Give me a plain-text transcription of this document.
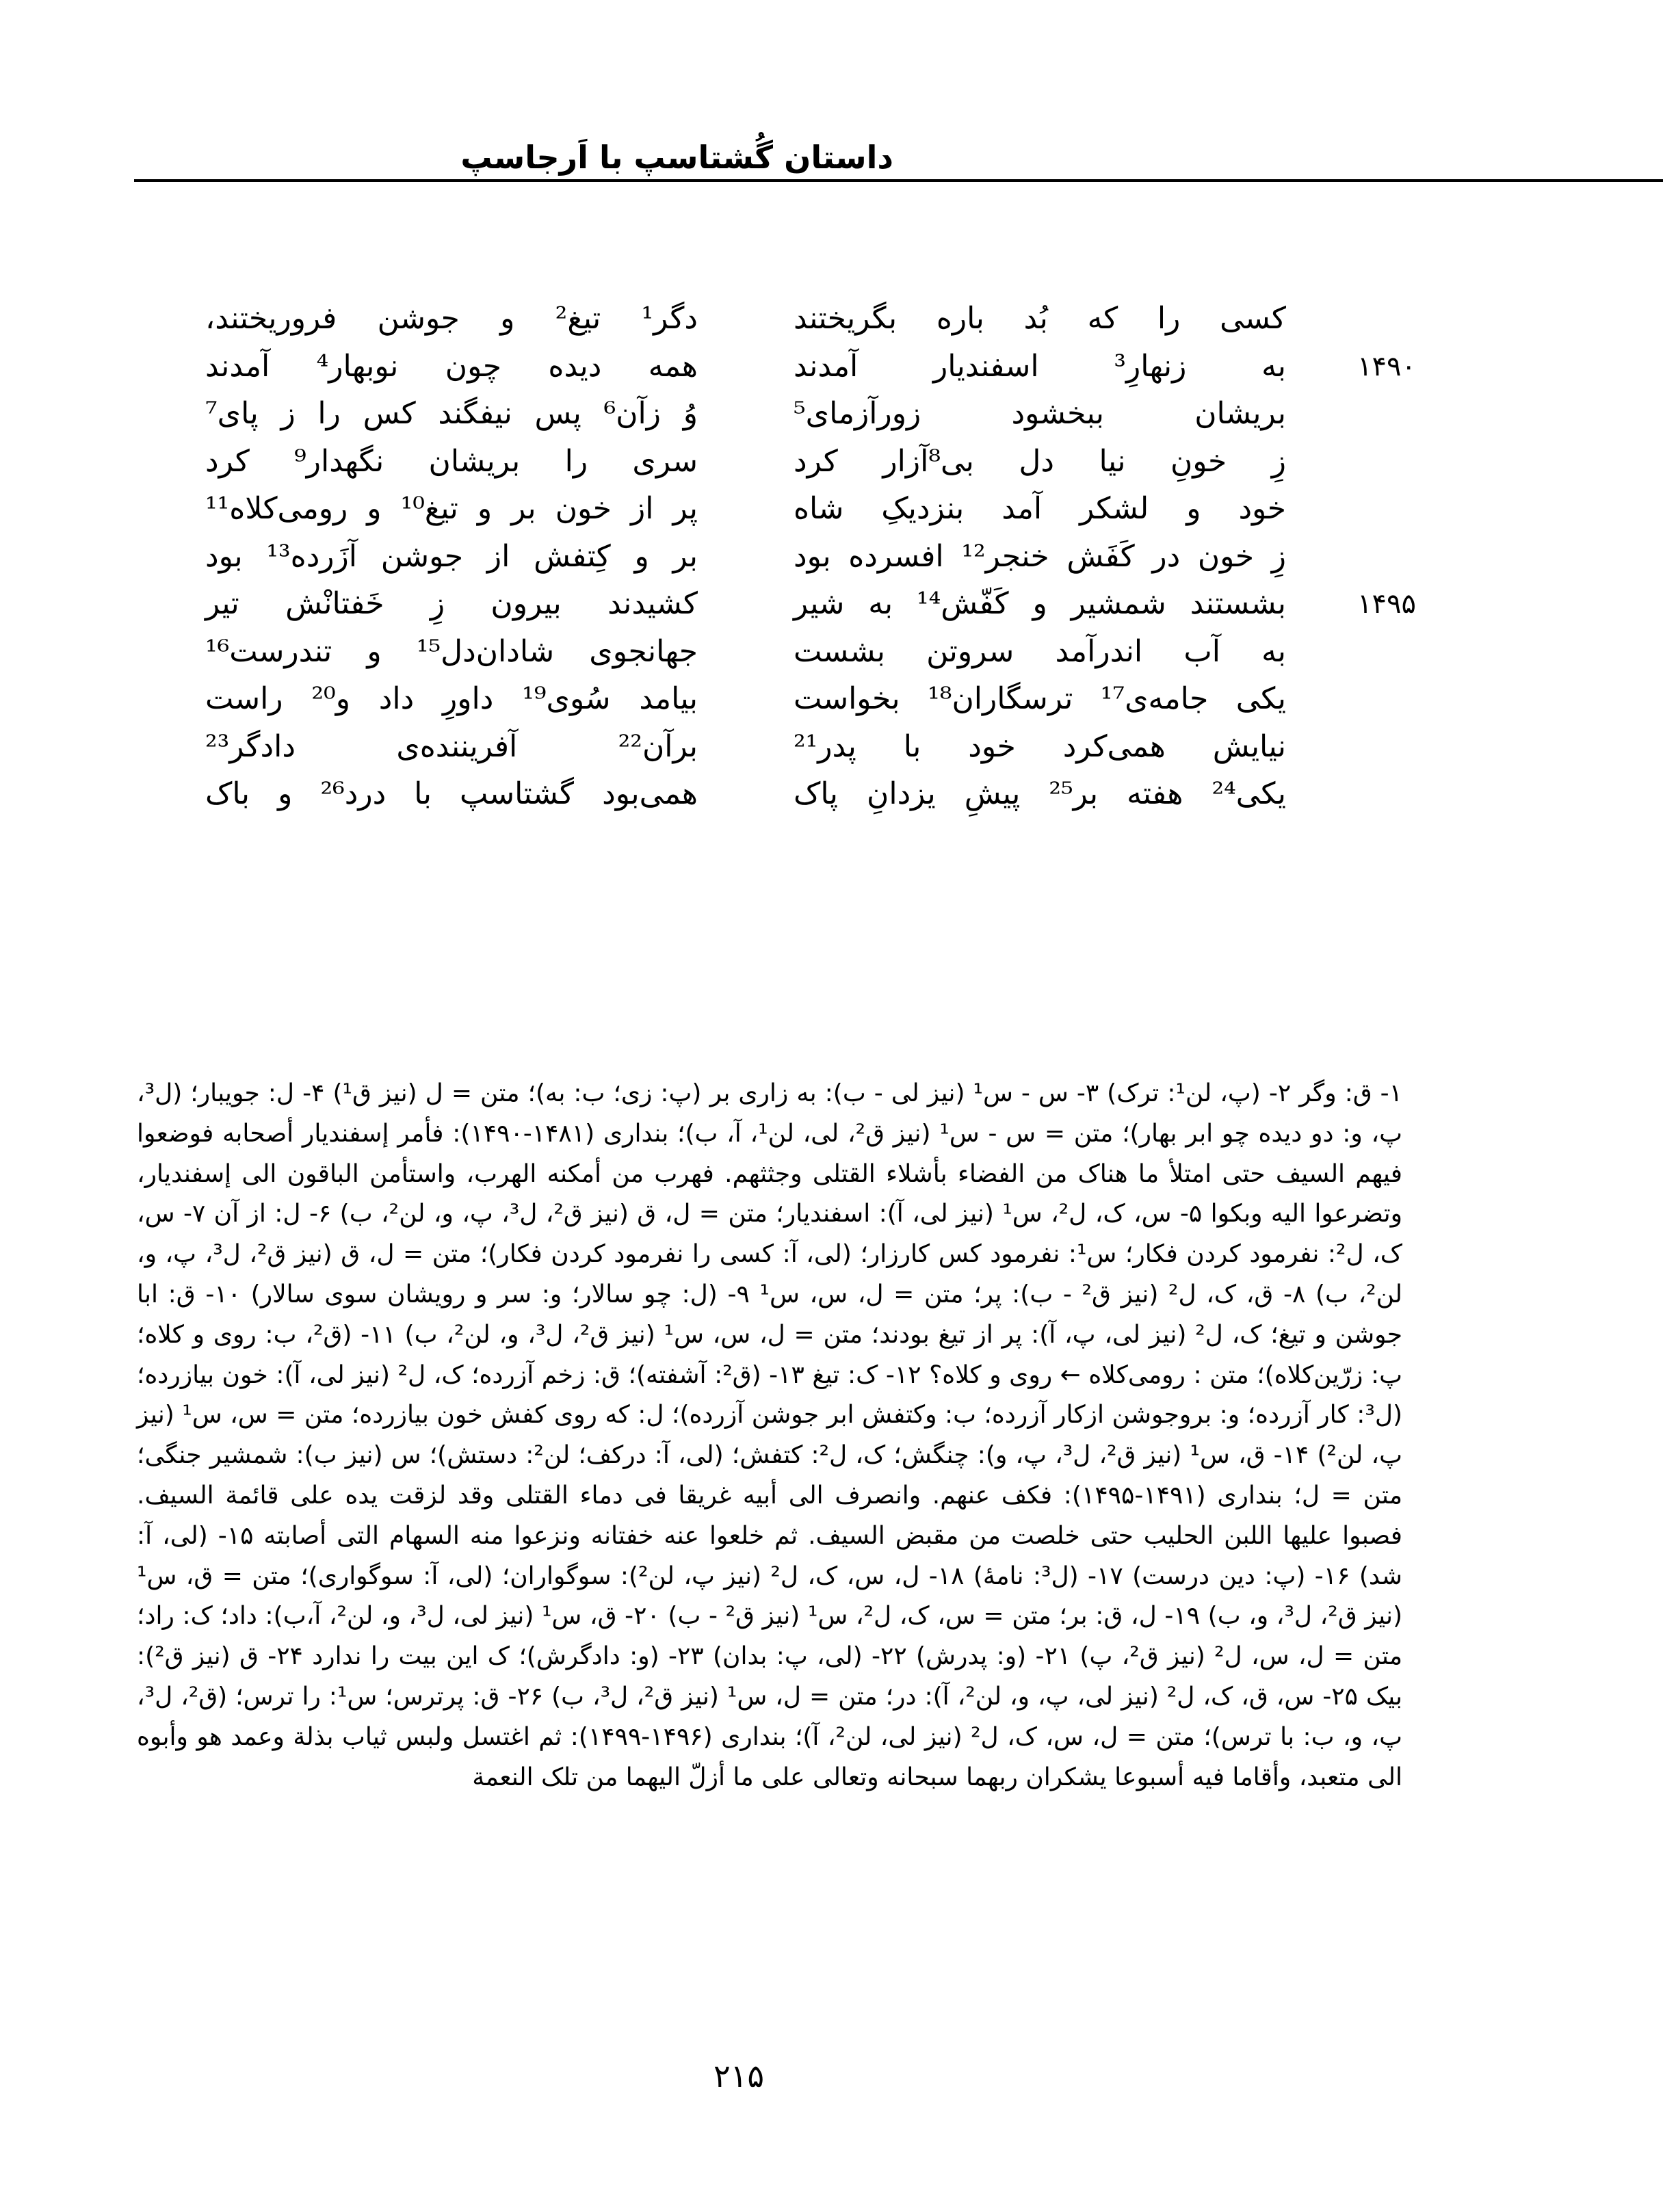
داستان گُشتاسپ با اَرجاسپ
کسی را که بُد باره بگریختند
دگر¹ تیغ² و جوشن فروریختند،
۱۴۹۰
به زنهارِ³ اسفندیار آمدند
همه دیده چون نوبهار⁴ آمدند
بریشان ببخشود زورآزمای⁵
وُ زآن⁶ پس نیفگند کس را ز پای⁷
زِ خونِ نیا دل بی⁸آزار کرد
سری را بریشان نگهدار⁹ کرد
خود و لشکر آمد بنزدیکِ شاه
پر از خون بر و تیغ¹⁰ و رومی‌کلاه¹¹
زِ خون در کَفَش خنجر¹² افسرده بود
بر و کِتفش از جوشن آزَرده¹³ بود
۱۴۹۵
بشستند شمشیر و کَفّش¹⁴ به شیر
کشیدند بیرون زِ خَفتانْش تیر
به آب اندرآمد سروتن بشست
جهانجوی شادان‌دل¹⁵ و تندرست¹⁶
یکی جامه‌ی¹⁷ ترسگاران¹⁸ بخواست
بیامد سُوی¹⁹ داورِ داد و²⁰ راست
نیایش همی‌کرد خود با پدر²¹
برآن²² آفریننده‌ی دادگر²³
یکی²⁴ هفته بر²⁵ پیشِ یزدانِ پاک
همی‌بود گشتاسپ با درد²⁶ و باک

۱- ق: وگر ۲- (پ، لن¹: ترک) ۳- س - س¹ (نیز لی - ب): به زاری بر (پ: زی؛ ب: به)؛ متن = ل (نیز ق¹) ۴- ل: جویبار؛ (ل³،

پ، و: دو دیده چو ابر بهار)؛ متن = س - س¹ (نیز ق²، لی، لن¹، آ، ب)؛ بنداری (۱۴۸۱-۱۴۹۰): فأمر إسفندیار أصحابه فوضعوا

فیهم السیف حتی امتلأ ما هناک من الفضاء بأشلاء القتلی وجثثهم. فهرب من أمکنه الهرب، واستأمن الباقون الی إسفندیار،

وتضرعوا الیه وبکوا ۵- س، ک، ل²، س¹ (نیز لی، آ): اسفندیار؛ متن = ل، ق (نیز ق²، ل³، پ، و، لن²، ب) ۶- ل: از آن ۷- س،

ک، ل²: نفرمود کردن فکار؛ س¹: نفرمود کس کارزار؛ (لی، آ: کسی را نفرمود کردن فکار)؛ متن = ل، ق (نیز ق²، ل³، پ، و، لن²،

ب) ۸- ق، ک، ل² (نیز ق² - ب): پر؛ متن = ل، س، س¹ ۹- (ل: چو سالار؛ و: سر و رویشان سوی سالار) ۱۰- ق: ابا جوشن و

تیغ؛ ک، ل² (نیز لی، پ، آ): پر از تیغ بودند؛ متن = ل، س، س¹ (نیز ق²، ل³، و، لن²، ب) ۱۱- (ق²، ب: روی و کلاه؛ پ:

زرّین‌کلاه)؛ متن : رومی‌کلاه ← روی و کلاه؟ ۱۲- ک: تیغ ۱۳- (ق²: آشفته)؛ ق: زخم آزرده؛ ک، ل² (نیز لی، آ): خون بیازرده؛

(ل³: کار آزرده؛ و: بروجوشن ازکار آزرده؛ ب: وکتفش ابر جوشن آزرده)؛ ل: که روی کفش خون بیازرده؛ متن = س، س¹ (نیز پ،

لن²) ۱۴- ق، س¹ (نیز ق²، ل³، پ، و): چنگش؛ ک، ل²: کتفش؛ (لی، آ: درکف؛ لن²: دستش)؛ س (نیز ب): شمشیر جنگی؛

متن = ل؛ بنداری (۱۴۹۱-۱۴۹۵): فکف عنهم. وانصرف الی أبیه غریقا فی دماء القتلی وقد لزقت یده علی قائمة السیف.

فصبوا علیها اللبن الحلیب حتی خلصت من مقبض السیف. ثم خلعوا عنه خفتانه ونزعوا منه السهام التی أصابته ۱۵- (لی، آ:

شد) ۱۶- (پ: دین درست) ۱۷- (ل³: نامهٔ) ۱۸- ل، س، ک، ل² (نیز پ، لن²): سوگواران؛ (لی، آ: سوگواری)؛ متن = ق، س¹ (نیز

ق²، ل³، و، ب) ۱۹- ل، ق: بر؛ متن = س، ک، ل²، س¹ (نیز ق² - ب) ۲۰- ق، س¹ (نیز لی، ل³، و، لن²، آ،ب): داد؛ ک: راد؛ متن =

ل، س، ل² (نیز ق²، پ) ۲۱- (و: پدرش) ۲۲- (لی، پ: بدان) ۲۳- (و: دادگرش)؛ ک این بیت را ندارد ۲۴- ق (نیز ق²): بیک ۲۵- س،

ق، ک، ل² (نیز لی، پ، و، لن²، آ): در؛ متن = ل، س¹ (نیز ق²، ل³، ب) ۲۶- ق: پرترس؛ س¹: را ترس؛ (ق²، ل³، پ، و، ب: با

ترس)؛ متن = ل، س، ک، ل² (نیز لی، لن²، آ)؛ بنداری (۱۴۹۶-۱۴۹۹): ثم اغتسل ولبس ثیاب بذلة وعمد هو وأبوه الی متعبد،

وأقاما فیه أسبوعا یشکران ربهما سبحانه وتعالی علی ما أزلّ الیهما من تلک النعمة

۲۱۵
